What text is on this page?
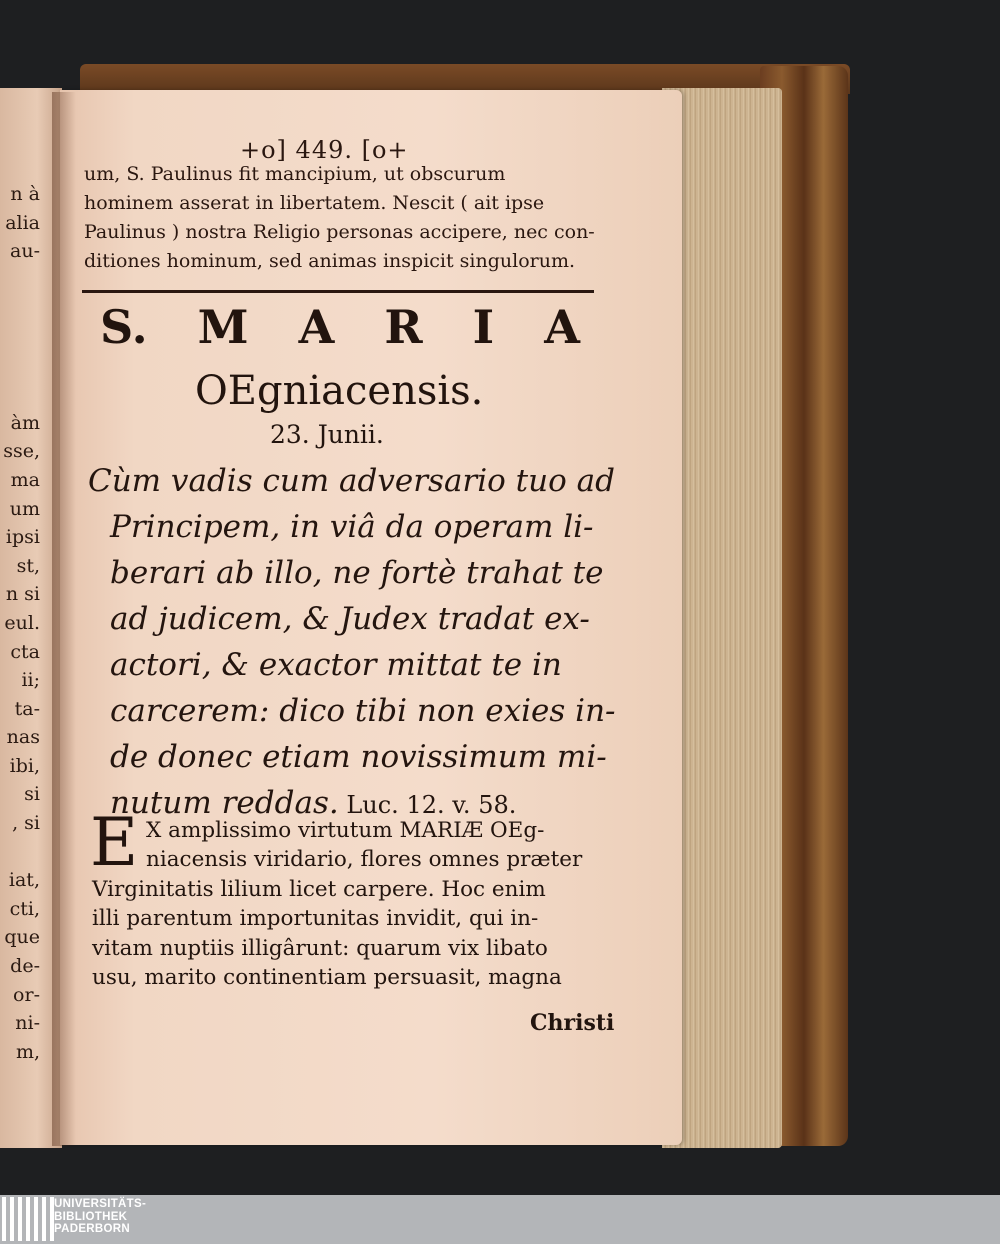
n à
alia
au-
àm
sse,
ma
um
ipsi
st,
n si
eul.
cta
ii;
ta-
nas
ibi,
si
, si
iat,
cti,
que
de-
or-
ni-
m,
+o] 449. [o+
um, S. Paulinus fit mancipium, ut obscurum
hominem asserat in libertatem. Nescit ( ait ipse
Paulinus ) nostra Religio personas accipere, nec con-
ditiones hominum, sed animas inspicit singulorum.
S. M A R I A
OEgniacensis.
23. Junii.
Cùm vadis cum adversario tuo ad
Principem, in viâ da operam li-
berari ab illo, ne fortè trahat te
ad judicem, & Judex tradat ex-
actori, & exactor mittat te in
carcerem: dico tibi non exies in-
de donec etiam novissimum mi-
nutum reddas. Luc. 12. v. 58.
E X amplissimo virtutum MARIÆ OEg-
niacensis viridario, flores omnes præter
Virginitatis lilium licet carpere. Hoc enim
illi parentum importunitas invidit, qui in-
vitam nuptiis illigârunt: quarum vix libato
usu, marito continentiam persuasit, magna
Christi
UNIVERSITÄTS-
BIBLIOTHEK
PADERBORN
